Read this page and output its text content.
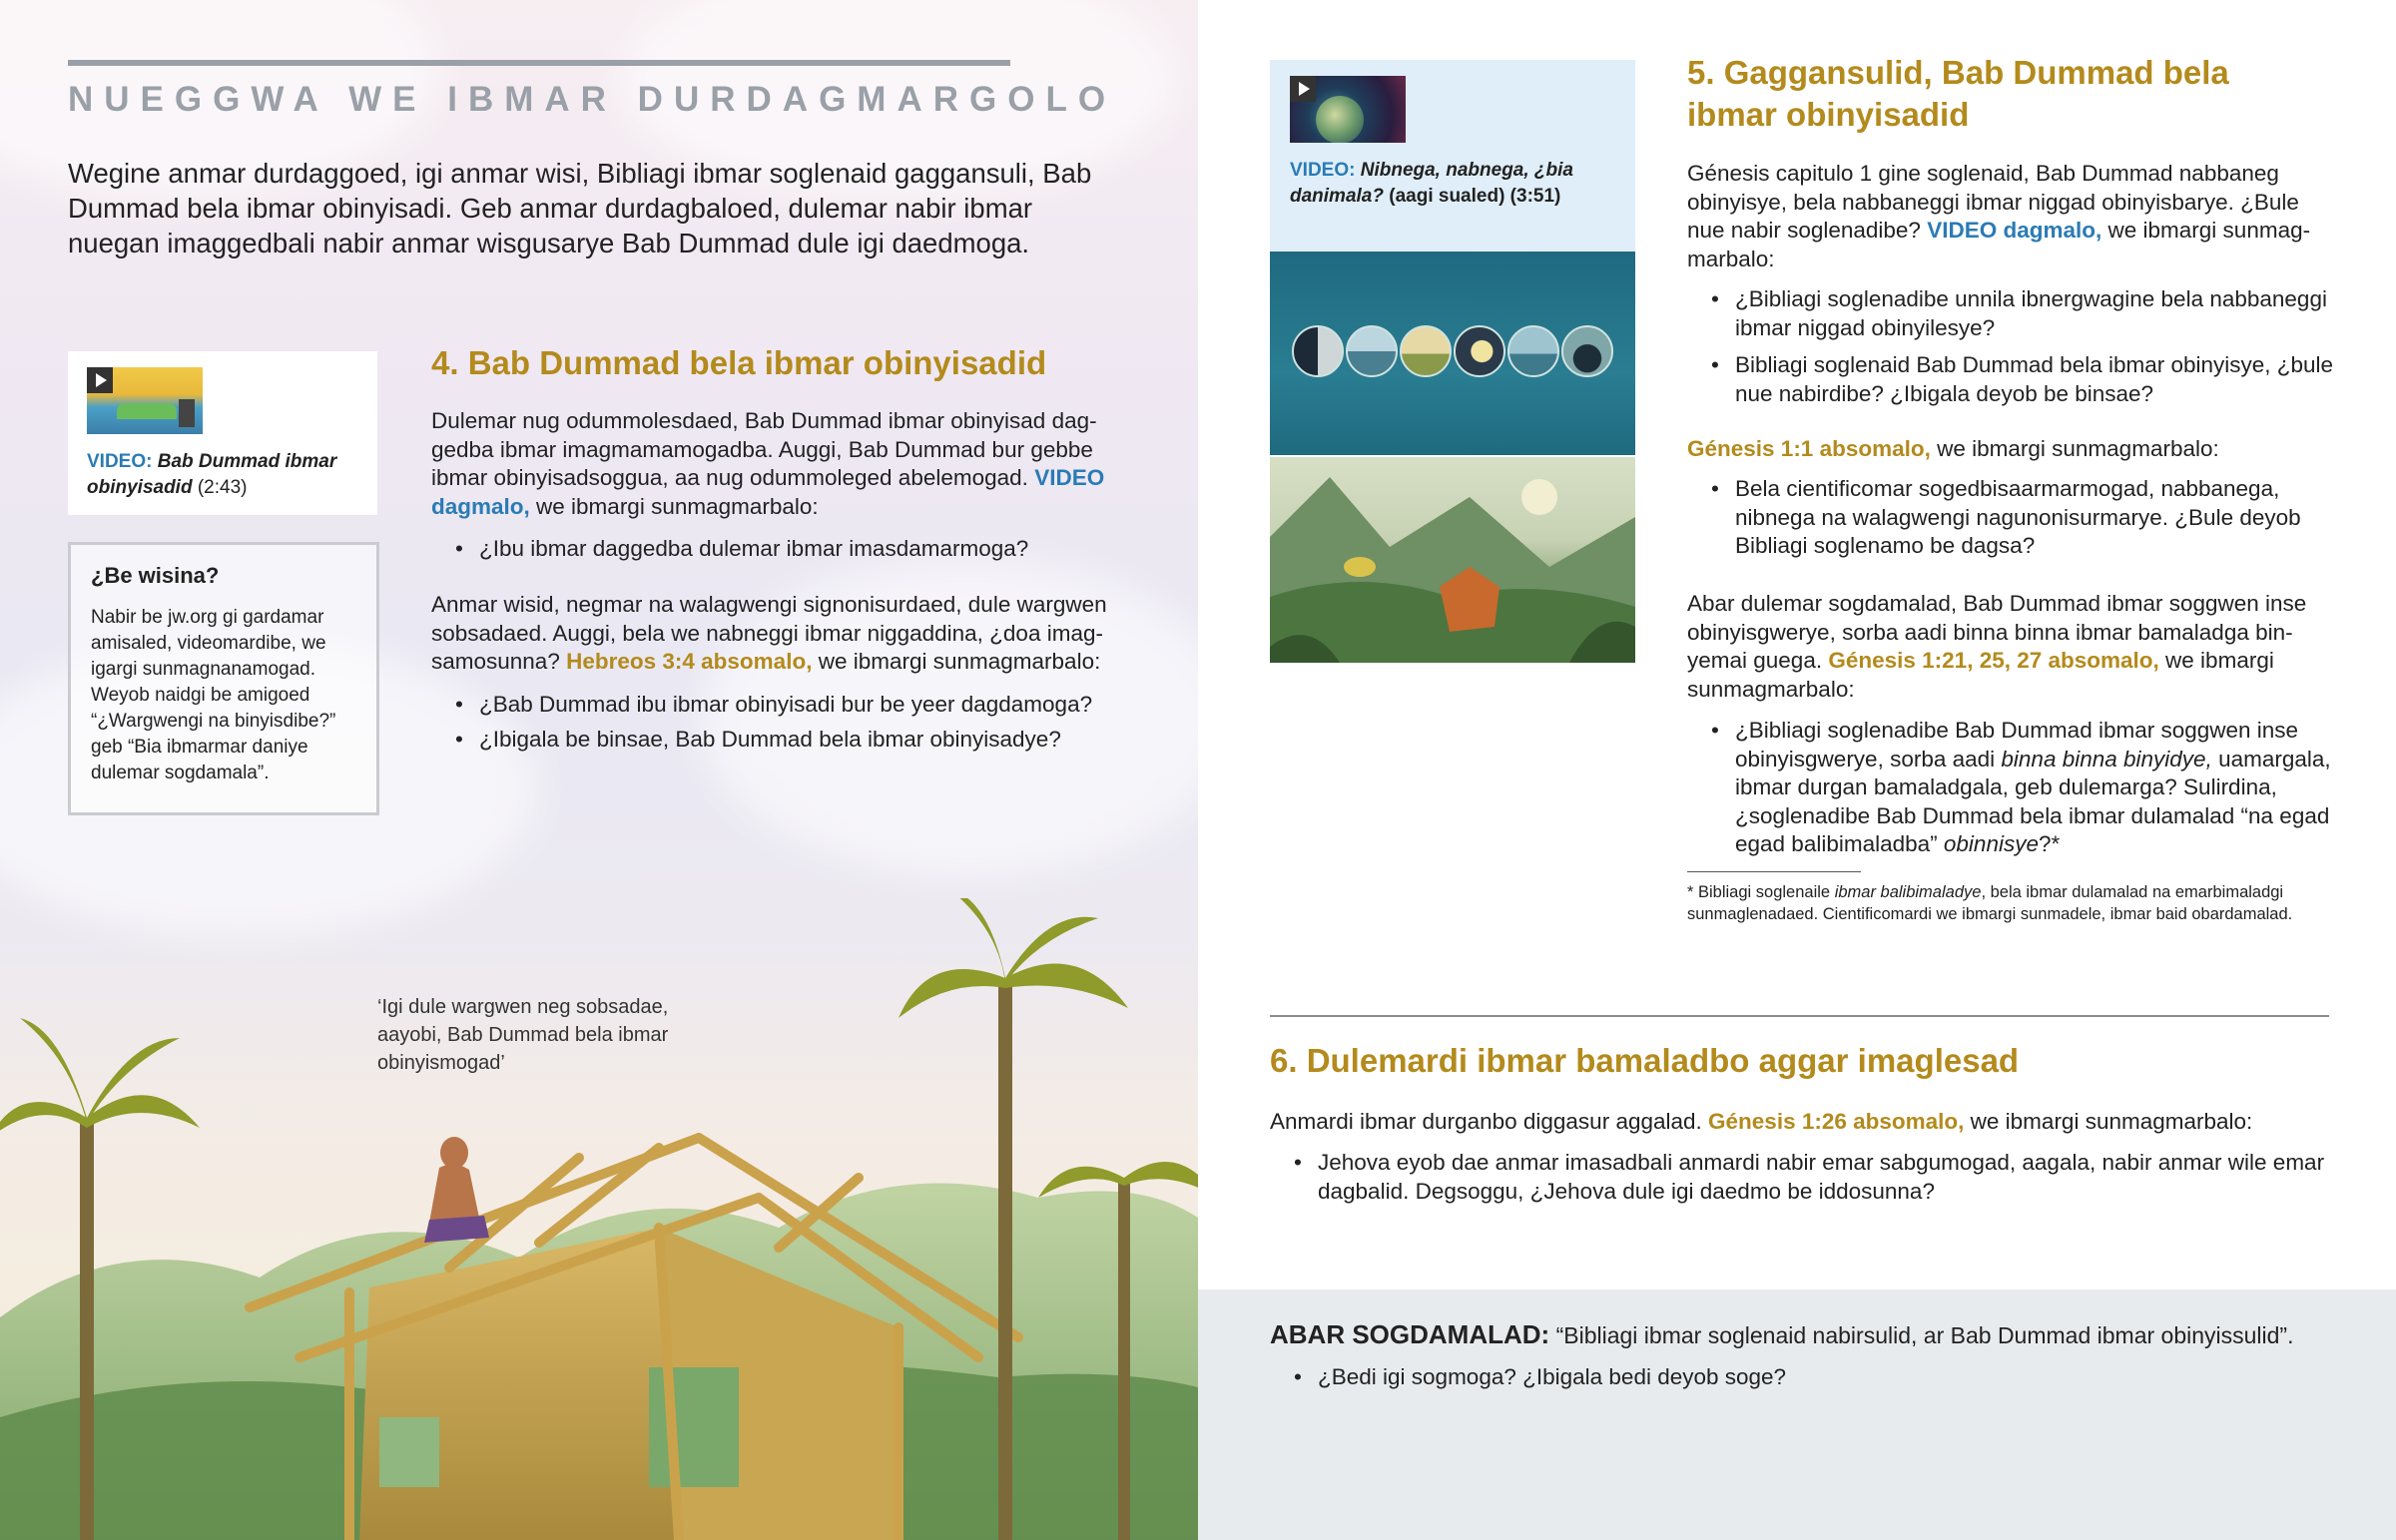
NUEGGWA WE IBMAR DURDAGMARGOLO
Wegine anmar durdaggoed, igi anmar wisi, Bibliagi ibmar soglenaid gaggansuli, Bab Dummad bela ibmar obinyisadi. Geb anmar durdagbaloed, dulemar nabir ibmar nuegan imaggedbali nabir anmar wisgusarye Bab Dummad dule igi daedmoga.
VIDEO: Bab Dummad ibmar obinyisadid (2:43)
¿Be wisina?
Nabir be jw.org gi gardamar amisaled, videomardibe, we igargi sunmagnanamogad. Weyob naidgi be amigoed “¿Wargwengi na binyisdibe?” geb “Bia ibmarmar daniye dulemar sogdamala”.
4. Bab Dummad bela ibmar obinyisadid
Dulemar nug odummolesdaed, Bab Dummad ibmar obinyisad daggedba ibmar imagmamamogadba. Auggi, Bab Dummad bur gebbe ibmar obinyisadsoggua, aa nug odummoleged abelemogad. VIDEO dagmalo, we ibmargi sunmagmarbalo:
• ¿Ibu ibmar daggedba dulemar ibmar imasdamarmoga?
Anmar wisid, negmar na walagwengi signonisurdaed, dule wargwen sobsadaed. Auggi, bela we nabneggi ibmar niggaddina, ¿doa imagsamosunna? Hebreos 3:4 absomalo, we ibmargi sunmagmarbalo:
• ¿Bab Dummad ibu ibmar obinyisadi bur be yeer dagdamoga?
• ¿Ibigala be binsae, Bab Dummad bela ibmar obinyisadye?
‘Igi dule wargwen neg sobsadae, aayobi, Bab Dummad bela ibmar obinyismogad’
VIDEO: Nibnega, nabnega, ¿bia danimala? (aagi sualed) (3:51)
5. Gaggansulid, Bab Dummad bela ibmar obinyisadid
Génesis capitulo 1 gine soglenaid, Bab Dummad nabbaneg obinyisye, bela nabbaneggi ibmar niggad obinyisbarye. ¿Bule nue nabir soglenadibe? VIDEO dagmalo, we ibmargi sunmagmarbalo:
• ¿Bibliagi soglenadibe unnila ibnergwagine bela nabbaneggi ibmar niggad obinyilesye?
• Bibliagi soglenaid Bab Dummad bela ibmar obinyisye, ¿bule nue nabirdibe? ¿Ibigala deyob be binsae?
Génesis 1:1 absomalo, we ibmargi sunmagmarbalo:
• Bela cientificomar sogedbisaarmarmogad, nabbanega, nibnega na walagwengi nagunonisurmarye. ¿Bule deyob Bibliagi soglenamo be dagsa?
Abar dulemar sogdamalad, Bab Dummad ibmar soggwen inse obinyisgwerye, sorba aadi binna binna ibmar bamaladga binyemai guega. Génesis 1:21, 25, 27 absomalo, we ibmargi sunmagmarbalo:
• ¿Bibliagi soglenadibe Bab Dummad ibmar soggwen inse obinyisgwerye, sorba aadi binna binna binyidye, uamargala, ibmar durgan bamaladgala, geb dulemarga? Sulirdina, ¿soglenadibe Bab Dummad bela ibmar dulamalad “na egad egad balibimaladba” obinnisye?*
* Bibliagi soglenaile ibmar balibimaladye, bela ibmar dulamalad na emarbimaladgi sunmaglenadaed. Cientificomardi we ibmargi sunmadele, ibmar baid obardamalad.
6. Dulemardi ibmar bamaladbo aggar imaglesad
Anmardi ibmar durganbo diggasur aggalad. Génesis 1:26 absomalo, we ibmargi sunmagmarbalo:
• Jehova eyob dae anmar imasadbali anmardi nabir emar sabgumogad, aagala, nabir anmar wile emar dagbalid. Degsoggu, ¿Jehova dule igi daedmo be iddosunna?
ABAR SOGDAMALAD: “Bibliagi ibmar soglenaid nabirsulid, ar Bab Dummad ibmar obinyissulid”.
• ¿Bedi igi sogmoga? ¿Ibigala bedi deyob soge?
